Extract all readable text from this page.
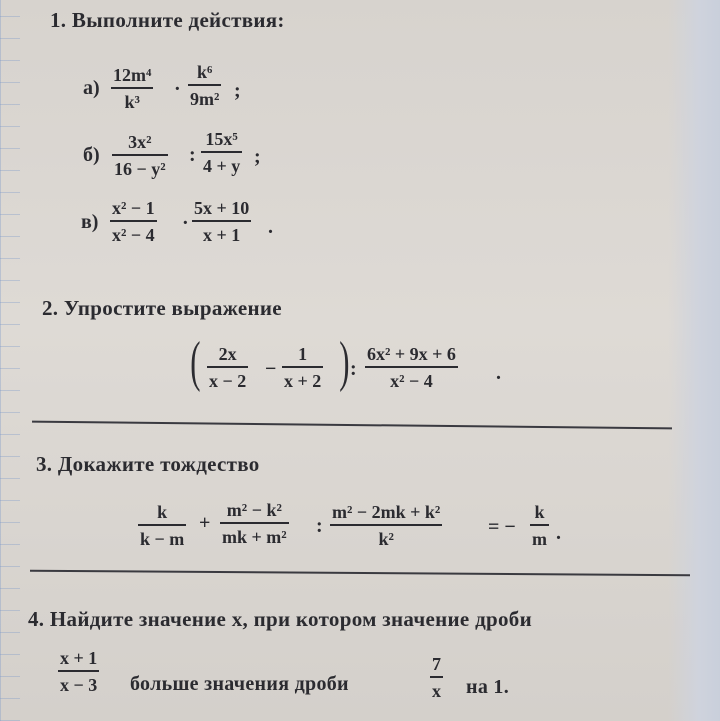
1. Выполните действия:
а)
12m⁴
k³
·
k⁶
9m² ;
б)
3x²
16 − y²
:
15x⁵
4 + y ;
в)
x² − 1
x² − 4
·
5x + 10
x + 1 .
2. Упростите выражение
( 2x
x − 2
−
1
x + 2 ) :
6x² + 9x + 6
x² − 4	.
3. Докажите тождество
k
k − m
+
m² − k²
mk + m² :
m² − 2mk + k²
k²
= −
k
m .
4. Найдите значение x, при котором значение дроби
x + 1
x − 3 больше значения дроби
7
x на 1.
